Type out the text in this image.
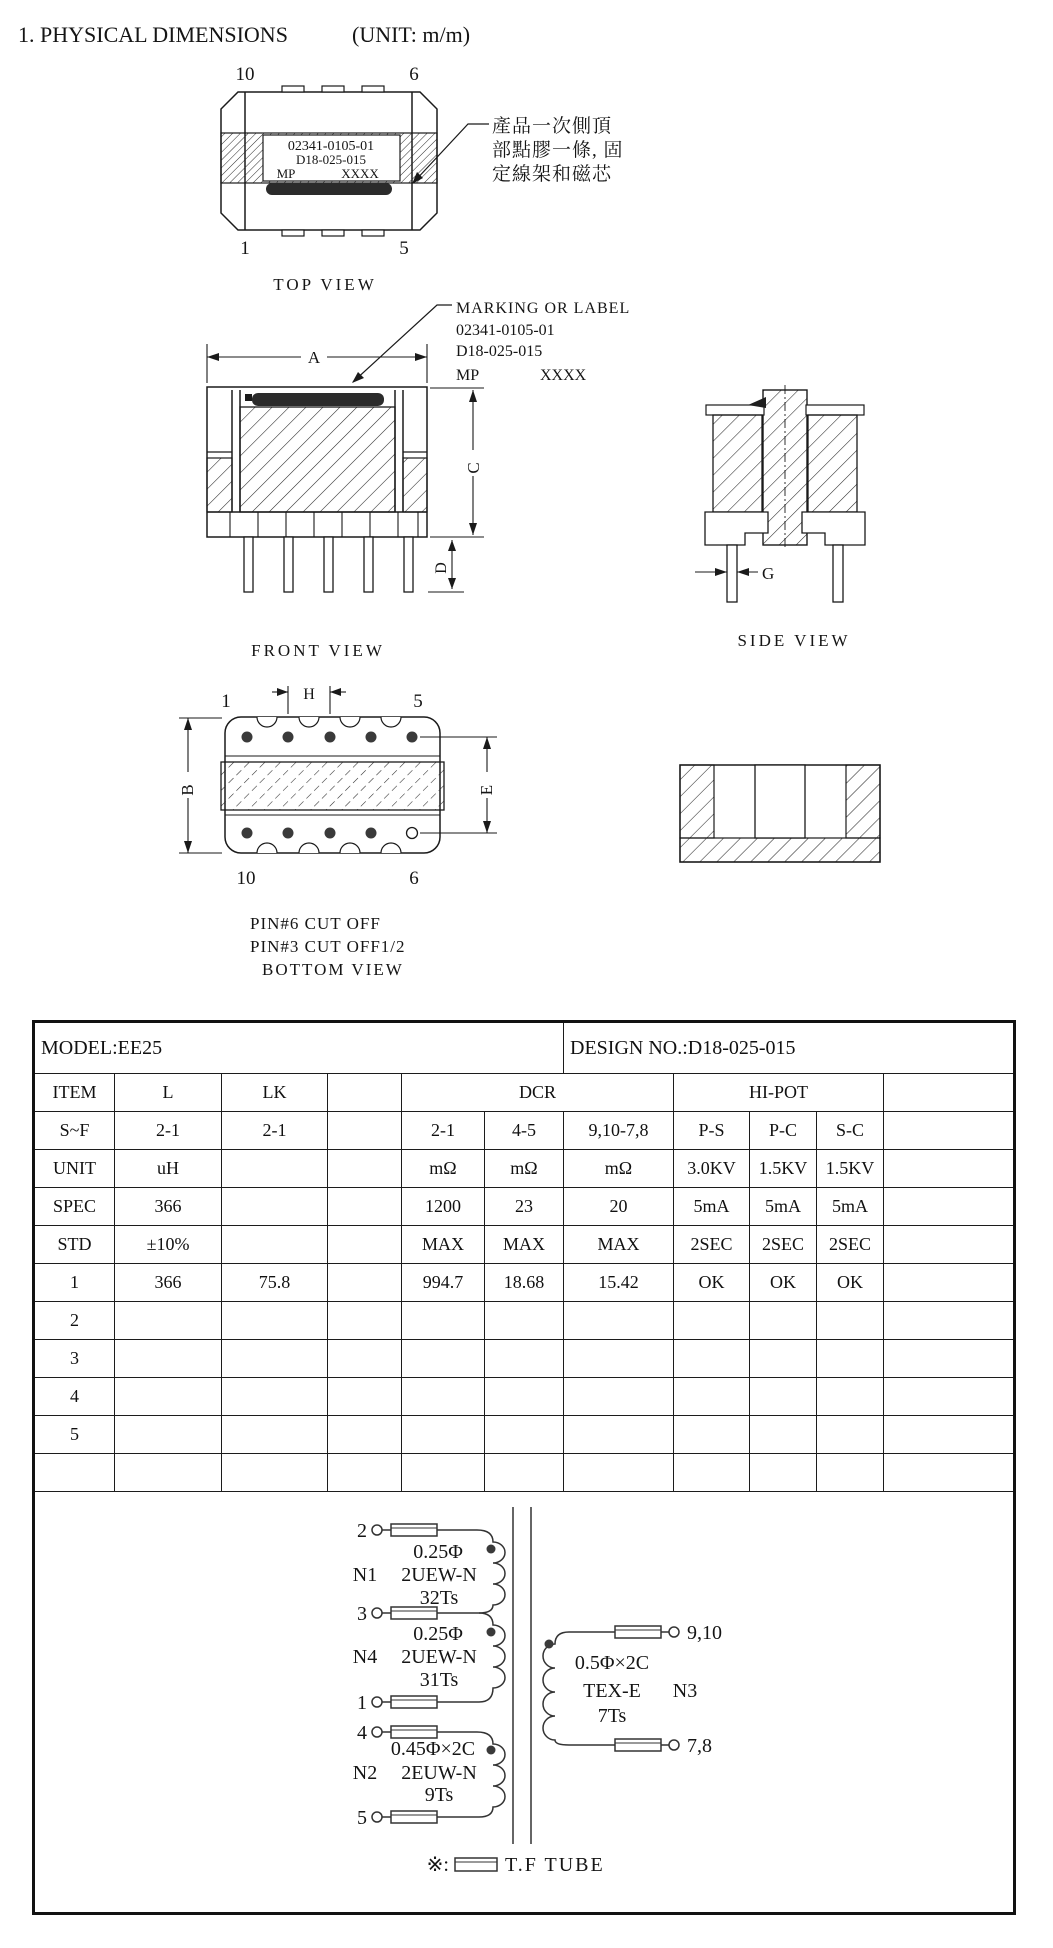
1. PHYSICAL DIMENSIONS	(UNIT: m/m)
10	6
1	5
02341-0105-01
D18-025-015
MP	XXXX
產品一次側頂
部點膠一條, 固
定線架和磁芯
TOP VIEW
MARKING OR LABEL
02341-0105-01
D18-025-015
MP	XXXX
A
C
D
FRONT VIEW
G
SIDE VIEW
H
B	E
1	5
10	6
PIN#6 CUT OFF
PIN#3 CUT OFF1/2
BOTTOM VIEW
MODEL:EE25						DESIGN NO.:D18-025-015				
ITEM	L	LK		DCR			HI-POT			
S~F	2-1	2-1		2-1	4-5	9,10-7,8	P-S	P-C	S-C	
UNIT	uH			mΩ	mΩ	mΩ	3.0KV	1.5KV	1.5KV	
SPEC	366			1200	23	20	5mA	5mA	5mA	
STD	±10%			MAX	MAX	MAX	2SEC	2SEC	2SEC	
1	366	75.8		994.7	18.68	15.42	OK	OK	OK	
2										
3										
4										
5										

2
3
1
4
5
0.25Φ
N1 2UEW-N
32Ts
0.25Φ
N4 2UEW-N
31Ts
0.45Φ×2C
N2 2EUW-N
9Ts
9,10
7,8
0.5Φ×2C
TEX-E N3
7Ts
※:	T.F TUBE
